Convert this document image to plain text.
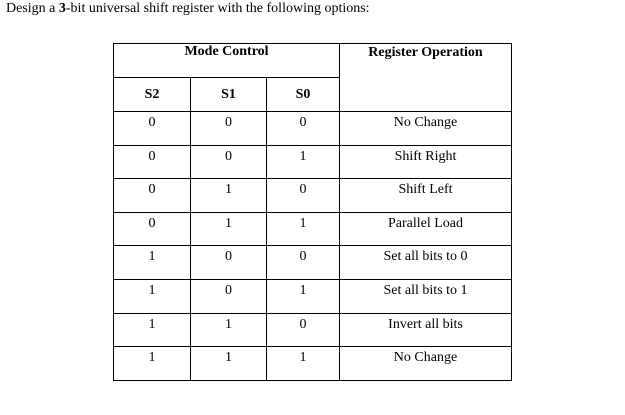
Design a 3-bit universal shift register with the following options:
Mode Control			Register Operation
S2	S1	S0	
0	0	0	No Change
0	0	1	Shift Right
0	1	0	Shift Left
0	1	1	Parallel Load
1	0	0	Set all bits to 0
1	0	1	Set all bits to 1
1	1	0	Invert all bits
1	1	1	No Change
